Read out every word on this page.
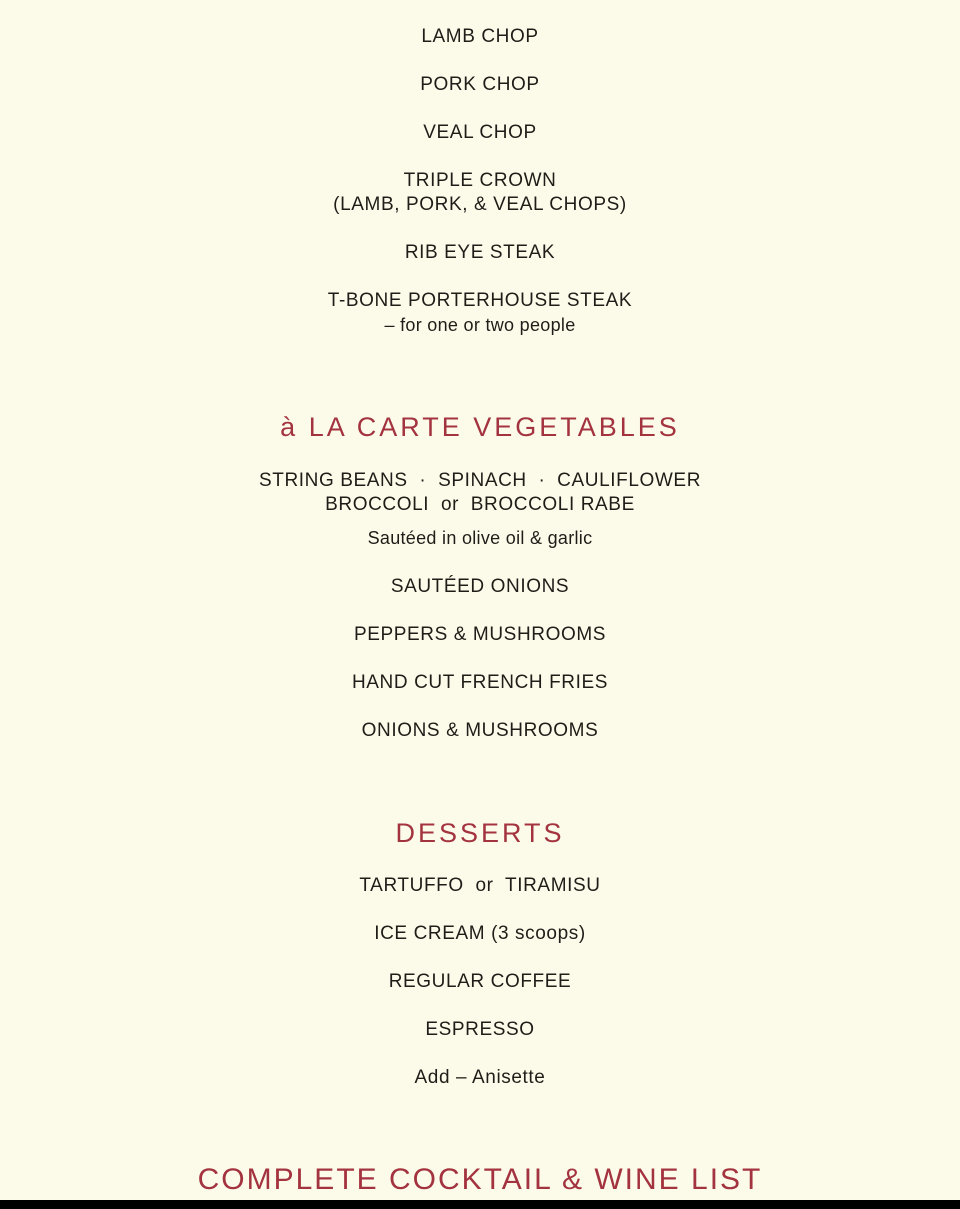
LAMB CHOP
PORK CHOP
VEAL CHOP
TRIPLE CROWN
(LAMB, PORK, & VEAL CHOPS)
RIB EYE STEAK
T-BONE PORTERHOUSE STEAK
– for one or two people
à LA CARTE VEGETABLES
STRING BEANS  ·  SPINACH  ·  CAULIFLOWER
BROCCOLI  or  BROCCOLI RABE
Sautéed in olive oil & garlic
SAUTÉED ONIONS
PEPPERS & MUSHROOMS
HAND CUT FRENCH FRIES
ONIONS & MUSHROOMS
DESSERTS
TARTUFFO  or  TIRAMISU
ICE CREAM (3 scoops)
REGULAR COFFEE
ESPRESSO
Add – Anisette
COMPLETE COCKTAIL & WINE LIST
